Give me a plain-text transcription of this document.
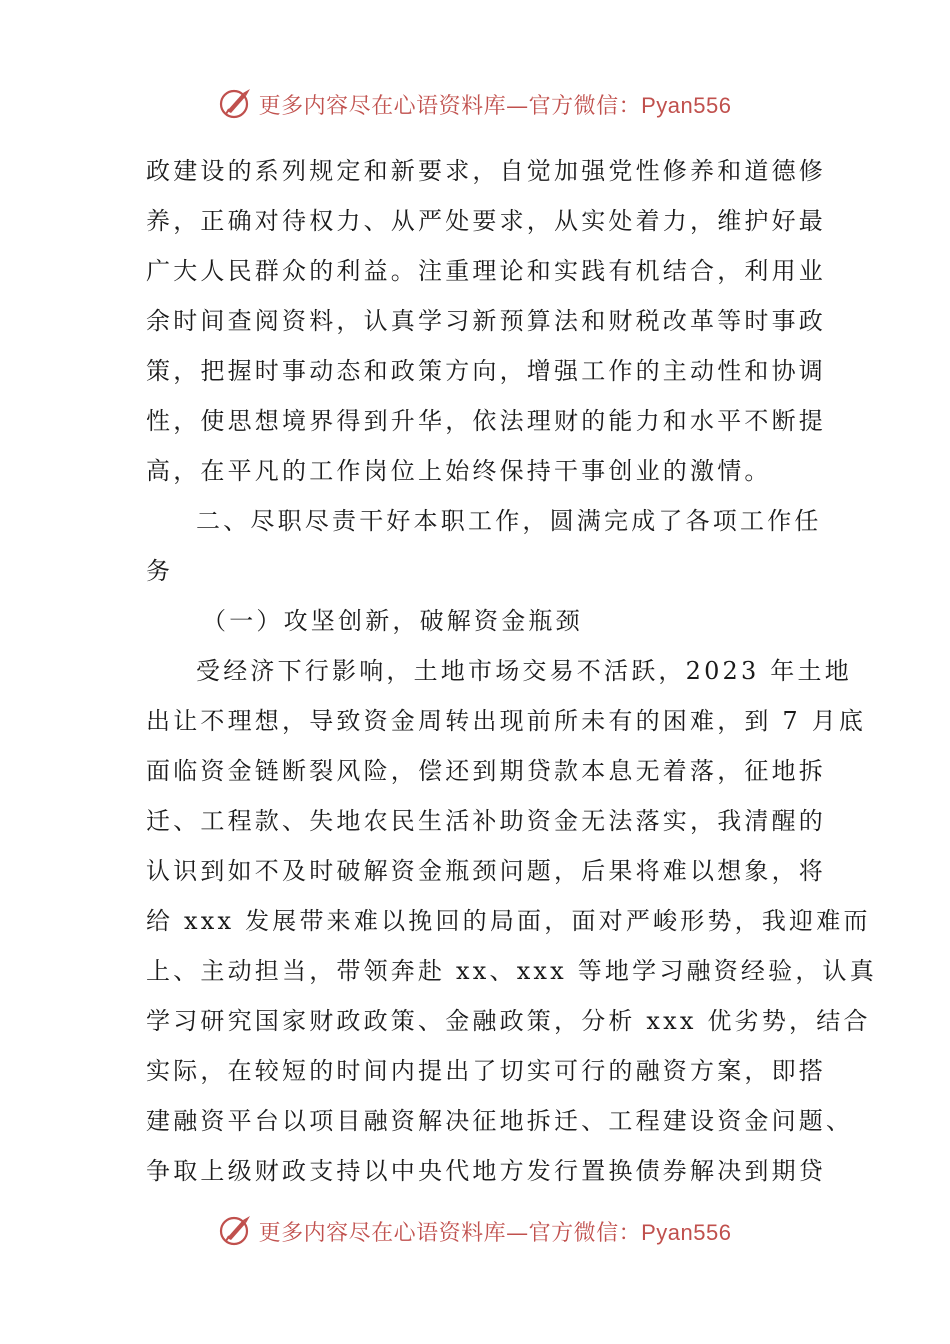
更多内容尽在心语资料库—官方微信：Pyan556
政建设的系列规定和新要求，自觉加强党性修养和道德修
养，正确对待权力、从严处要求，从实处着力，维护好最
广大人民群众的利益。注重理论和实践有机结合，利用业
余时间查阅资料，认真学习新预算法和财税改革等时事政
策，把握时事动态和政策方向，增强工作的主动性和协调
性，使思想境界得到升华，依法理财的能力和水平不断提
高，在平凡的工作岗位上始终保持干事创业的激情。
二、尽职尽责干好本职工作，圆满完成了各项工作任
务
（一）攻坚创新，破解资金瓶颈
受经济下行影响，土地市场交易不活跃，2023 年土地
出让不理想，导致资金周转出现前所未有的困难，到 7 月底
面临资金链断裂风险，偿还到期贷款本息无着落，征地拆
迁、工程款、失地农民生活补助资金无法落实，我清醒的
认识到如不及时破解资金瓶颈问题，后果将难以想象，将
给 xxx 发展带来难以挽回的局面，面对严峻形势，我迎难而
上、主动担当，带领奔赴 xx、xxx 等地学习融资经验，认真
学习研究国家财政政策、金融政策，分析 xxx 优劣势，结合
实际，在较短的时间内提出了切实可行的融资方案，即搭
建融资平台以项目融资解决征地拆迁、工程建设资金问题、
争取上级财政支持以中央代地方发行置换债券解决到期贷
更多内容尽在心语资料库—官方微信：Pyan556
